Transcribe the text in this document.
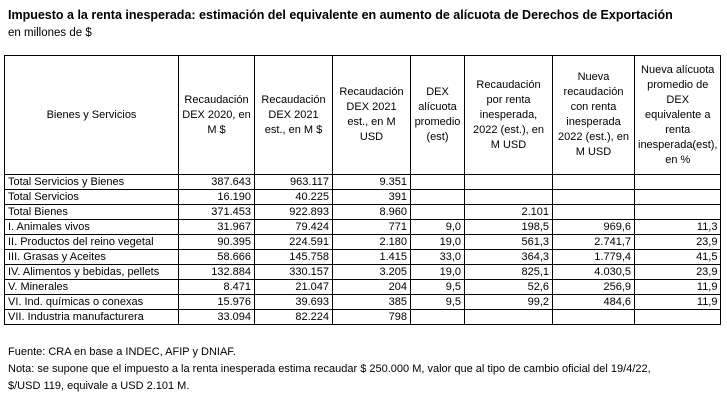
Impuesto a la renta inesperada: estimación del equivalente en aumento de alícuota de Derechos de Exportación
en millones de $
Bienes y Servicios	Recaudación DEX 2020, en M $	Recaudación DEX 2021 est., en M $	Recaudación DEX 2021 est., en M USD	DEX alícuota promedio (est)	Recaudación por renta inesperada, 2022 (est.), en M USD	Nueva recaudación con renta inesperada 2022 (est.), en M USD	Nueva alícuota promedio de DEX equivalente a renta inesperada(est), en %
Total Servicios y Bienes	387.643	963.117	9.351				
Total Servicios	16.190	40.225	391				
Total Bienes	371.453	922.893	8.960		2.101		
I. Animales vivos	31.967	79.424	771	9,0	198,5	969,6	11,3
II. Productos del reino vegetal	90.395	224.591	2.180	19,0	561,3	2.741,7	23,9
III. Grasas y Aceites	58.666	145.758	1.415	33,0	364,3	1.779,4	41,5
IV. Alimentos y bebidas, pellets	132.884	330.157	3.205	19,0	825,1	4.030,5	23,9
V. Minerales	8.471	21.047	204	9,5	52,6	256,9	11,9
VI. Ind. químicas o conexas	15.976	39.693	385	9,5	99,2	484,6	11,9
VII. Industria manufacturera	33.094	82.224	798				
Fuente: CRA en base a INDEC, AFIP y DNIAF.
Nota: se supone que el impuesto a la renta inesperada estima recaudar $ 250.000 M, valor que al tipo de cambio oficial del 19/4/22,
$/USD 119, equivale a USD 2.101 M.
